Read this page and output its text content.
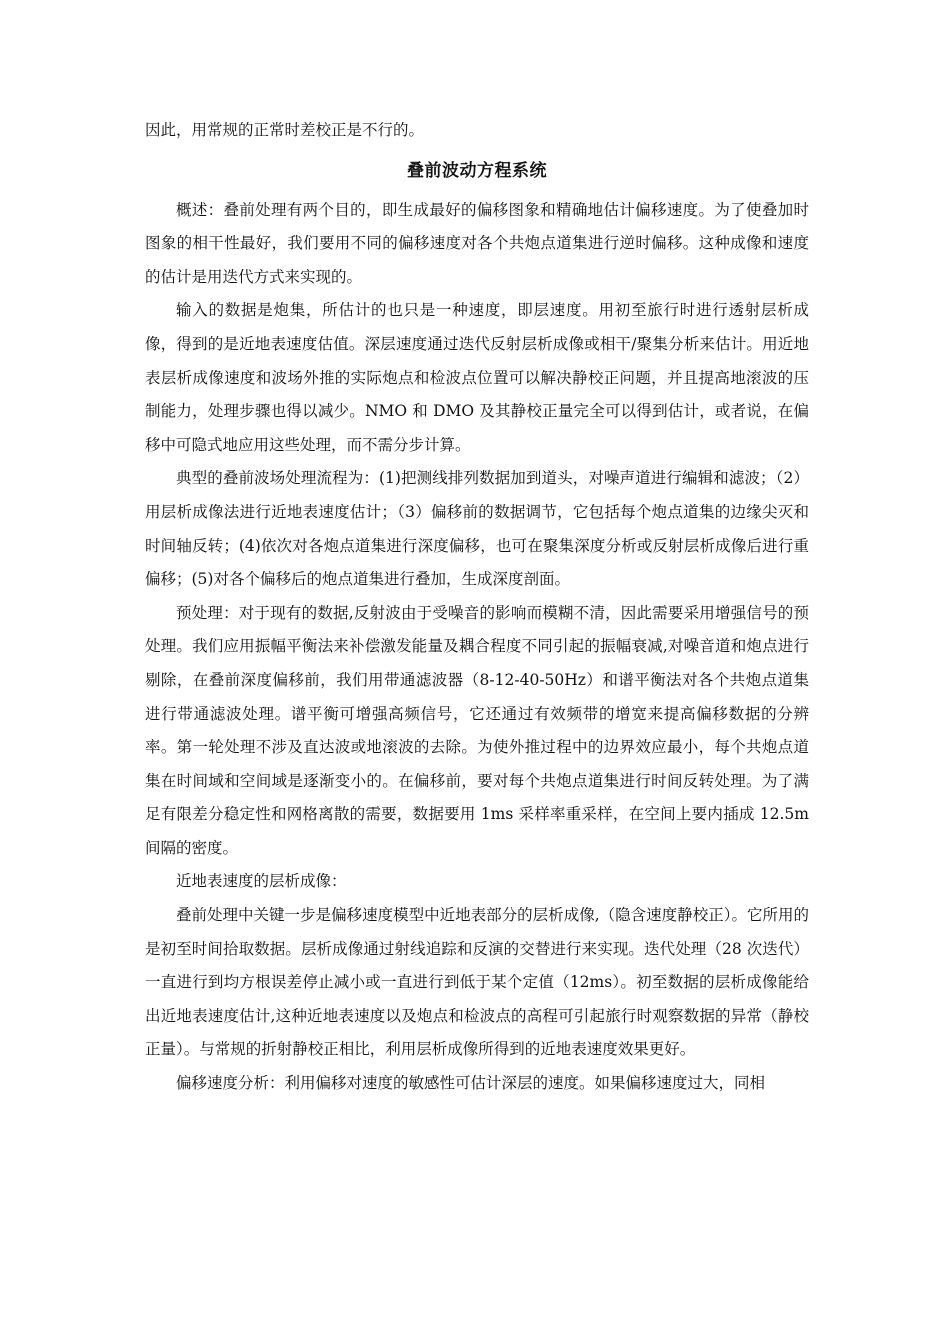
因此，用常规的正常时差校正是不行的。

叠前波动方程系统

概述：叠前处理有两个目的，即生成最好的偏移图象和精确地估计偏移速度。为了使叠加时图象的相干性最好，我们要用不同的偏移速度对各个共炮点道集进行逆时偏移。这种成像和速度的估计是用迭代方式来实现的。

输入的数据是炮集，所估计的也只是一种速度，即层速度。用初至旅行时进行透射层析成像，得到的是近地表速度估值。深层速度通过迭代反射层析成像或相干/聚集分析来估计。用近地表层析成像速度和波场外推的实际炮点和检波点位置可以解决静校正问题，并且提高地滚波的压制能力，处理步骤也得以减少。NMO 和 DMO 及其静校正量完全可以得到估计，或者说，在偏移中可隐式地应用这些处理，而不需分步计算。

典型的叠前波场处理流程为：(1)把测线排列数据加到道头，对噪声道进行编辑和滤波；（2）用层析成像法进行近地表速度估计；（3）偏移前的数据调节，它包括每个炮点道集的边缘尖灭和时间轴反转；(4)依次对各炮点道集进行深度偏移，也可在聚集深度分析或反射层析成像后进行重偏移；(5)对各个偏移后的炮点道集进行叠加，生成深度剖面。

预处理：对于现有的数据,反射波由于受噪音的影响而模糊不清，因此需要采用增强信号的预处理。我们应用振幅平衡法来补偿激发能量及耦合程度不同引起的振幅衰减,对噪音道和炮点进行剔除，在叠前深度偏移前，我们用带通滤波器（8-12-40-50Hz）和谱平衡法对各个共炮点道集进行带通滤波处理。谱平衡可增强高频信号，它还通过有效频带的增宽来提高偏移数据的分辨率。第一轮处理不涉及直达波或地滚波的去除。为使外推过程中的边界效应最小，每个共炮点道集在时间域和空间域是逐渐变小的。在偏移前，要对每个共炮点道集进行时间反转处理。为了满足有限差分稳定性和网格离散的需要，数据要用 1ms 采样率重采样，在空间上要内插成 12.5m 间隔的密度。

近地表速度的层析成像：

叠前处理中关键一步是偏移速度模型中近地表部分的层析成像,（隐含速度静校正）。它所用的是初至时间拾取数据。层析成像通过射线追踪和反演的交替进行来实现。迭代处理（28 次迭代）一直进行到均方根误差停止减小或一直进行到低于某个定值（12ms）。初至数据的层析成像能给出近地表速度估计,这种近地表速度以及炮点和检波点的高程可引起旅行时观察数据的异常（静校正量）。与常规的折射静校正相比，利用层析成像所得到的近地表速度效果更好。

偏移速度分析：利用偏移对速度的敏感性可估计深层的速度。如果偏移速度过大，同相
